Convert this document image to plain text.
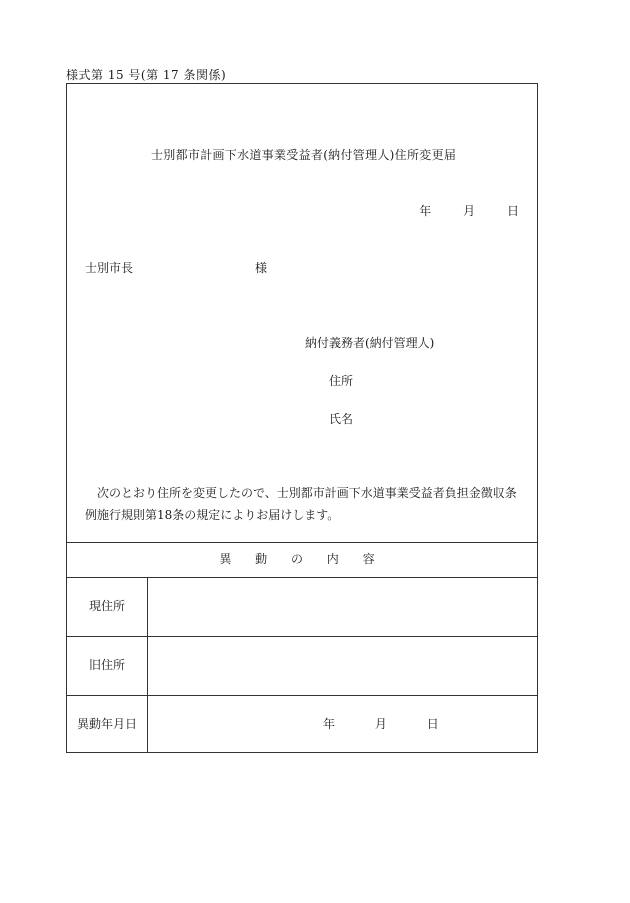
様式第 15 号(第 17 条関係)
士別都市計画下水道事業受益者(納付管理人)住所変更届
年	月	日
士別市長	様
納付義務者(納付管理人)
住所
氏名
次のとおり住所を変更したので、士別都市計画下水道事業受益者負担金徴収条例施行規則第18条の規定によりお届けします。
異 動 の 内 容
現住所
旧住所
異動年月日	年	月	日
